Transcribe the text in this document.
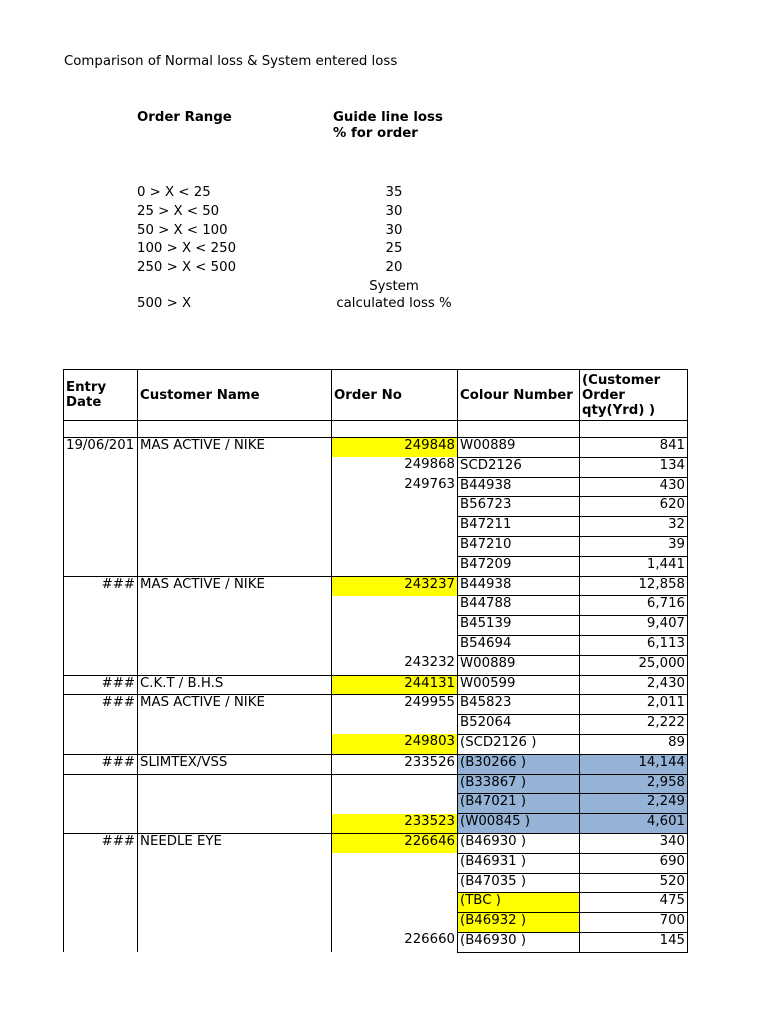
Comparison of Normal loss & System entered loss
Order Range	Guide line loss
% for order
0 > X < 25	35
25 > X < 50	30
50 > X < 100	30
100 > X < 250	25
250 > X < 500	20
System
500 > X	calculated loss %
Entry Date	Customer Name	Order No	Colour Number	(Customer Order qty(Yrd) )

19/06/201	MAS ACTIVE / NIKE	249848	W00889	841
		249868	SCD2126	134
		249763	B44938	430
			B56723	620
			B47211	32
			B47210	39
			B47209	1,441
###	MAS ACTIVE / NIKE	243237	B44938	12,858
			B44788	6,716
			B45139	9,407
			B54694	6,113
		243232	W00889	25,000
###	C.K.T / B.H.S	244131	W00599	2,430
###	MAS ACTIVE / NIKE	249955	B45823	2,011
			B52064	2,222
		249803	(SCD2126 )	89
###	SLIMTEX/VSS	233526	(B30266 )	14,144
			(B33867 )	2,958
			(B47021 )	2,249
		233523	(W00845 )	4,601
###	NEEDLE EYE	226646	(B46930 )	340
			(B46931 )	690
			(B47035 )	520
			(TBC )	475
			(B46932 )	700
		226660	(B46930 )	145
